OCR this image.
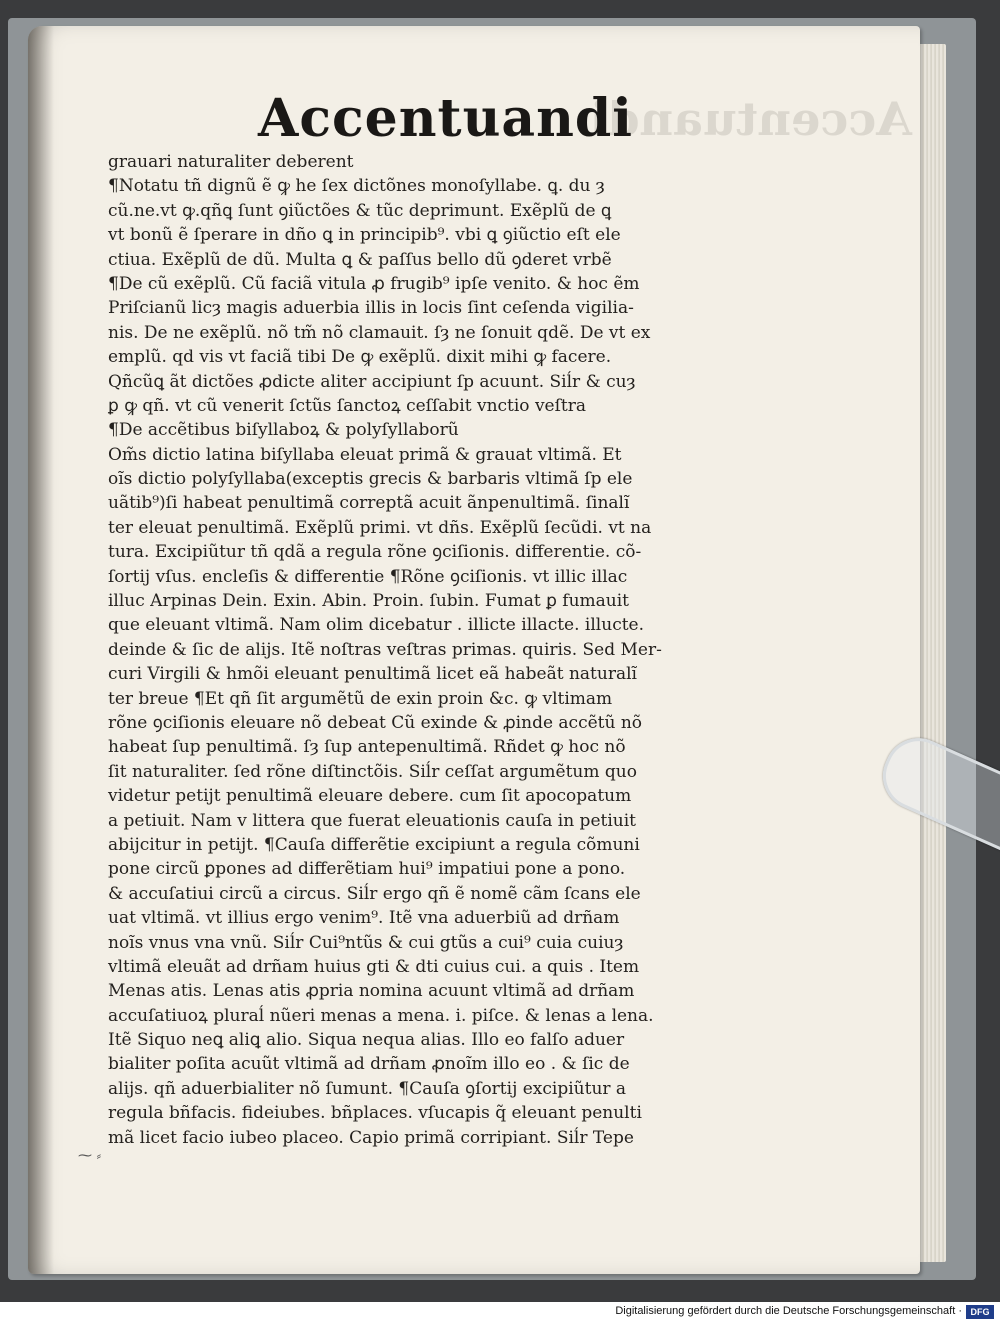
Accentuandi
Accentuandi
grauari naturaliter deberent
¶Notatu tñ dignũ ẽ ꝙ he ſex dictõnes monoſyllabe. ꝗ. du ȝ
cũ.ne.vt ꝙ.qñꝗ ſunt ꝯiũctões & tũc deprimunt. Exẽplũ de ꝗ
vt bonũ ẽ ſperare in dño ꝗ in principib⁹. vbi ꝗ ꝯiũctio eſt ele
ctiua. Exẽplũ de dũ. Multa ꝗ & paſſus bello dũ ꝯderet vrbẽ
¶De cũ exẽplũ. Cũ faciã vitula ꝓ frugib⁹ ipſe venito. & hoc ẽm
Priſcianũ licȝ magis aduerbia illis in locis ſint ceſenda vigilia-
nis. De ne exẽplũ. nõ tm̃ nõ clamauit. ſȝ ne ſonuit qdẽ. De vt ex
emplũ. qd vis vt faciã tibi De ꝙ exẽplũ. dixit mihi ꝙ facere.
Qñcũꝗ ãt dictões ꝓdicte aliter accipiunt ſp acuunt. Siĺr & cuȝ
ꝑ ꝙ qñ. vt cũ venerit ſctũs ſanctoꝝ ceſſabit vnctio veſtra
¶De accẽtibus biſyllaboꝝ & polyſyllaborũ
Om̃s dictio latina biſyllaba eleuat primã & grauat vltimã. Et
oĩs dictio polyſyllaba(exceptis grecis & barbaris vltimã ſp ele
uãtib⁹)ſi habeat penultimã correptã acuit ãnpenultimã. ſinalĩ
ter eleuat penultimã. Exẽplũ primi. vt dñs. Exẽplũ ſecũdi. vt na
tura. Excipiũtur tñ qdã a regula rõne ꝯciſionis. differentie. cõ-
ſortij vſus. encleſis & differentie ¶Rõne ꝯciſionis. vt illic illac
illuc Arpinas Dein. Exin. Abin. Proin. ſubin. Fumat ꝑ fumauit
que eleuant vltimã. Nam olim dicebatur . illicte illacte. illucte.
deinde & ſic de alijs. Itẽ noſtras veſtras primas. quiris. Sed Mer-
curi Virgili & hmõi eleuant penultimã licet eã habeãt naturalĩ
ter breue ¶Et qñ ſit argumẽtũ de exin proin &c. ꝙ vltimam
rõne ꝯciſionis eleuare nõ debeat Cũ exinde & ꝓinde accẽtũ nõ
habeat ſup penultimã. ſȝ ſup antepenultimã. Rñdet ꝙ hoc nõ
ſit naturaliter. ſed rõne diſtinctõis. Siĺr ceſſat argumẽtum quo
videtur petijt penultimã eleuare debere. cum ſit apocopatum
a petiuit. Nam v littera que fuerat eleuationis cauſa in petiuit
abijcitur in petijt. ¶Cauſa differẽtie excipiunt a regula cõmuni
pone circũ ꝑpones ad differẽtiam hui⁹ impatiui pone a pono.
& accuſatiui circũ a circus. Siĺr ergo qñ ẽ nomẽ cãm ſcans ele
uat vltimã. vt illius ergo venim⁹. Itẽ vna aduerbiũ ad drñam
noĩs vnus vna vnũ. Siĺr Cui⁹ntũs & cui gtũs a cui⁹ cuia cuiuȝ
vltimã eleuãt ad drñam huius gti & dti cuius cui. a quis . Item
Menas atis. Lenas atis ꝓpria nomina acuunt vltimã ad drñam
accuſatiuoꝝ pluraĺ nũeri menas a mena. i. piſce. & lenas a lena.
Itẽ Siquo neꝗ aliꝗ alio. Siqua nequa alias. Illo eo falſo aduer
bialiter poſita acuũt vltimã ad drñam ꝓnoĩm illo eo . & ſic de
alijs. qñ aduerbialiter nõ ſumunt. ¶Cauſa ꝯſortij excipiũtur a
regula bñfacis. fideiubes. bñplaces. vſucapis q̃ eleuant penulti
mã licet facio iubeo placeo. Capio primã corripiant. Siĺr Tepe
⁓ ⸗
Digitalisierung gefördert durch die Deutsche Forschungsgemeinschaft · DFG
